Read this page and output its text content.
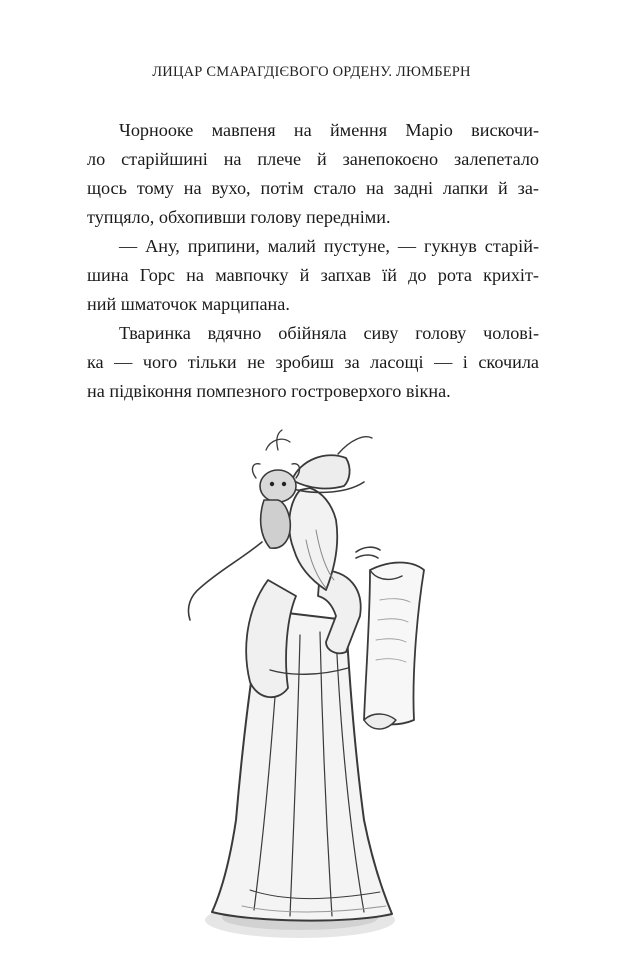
ЛИЦАР СМАРАГДІЄВОГО ОРДЕНУ. ЛЮМБЕРН

Чорнооке мавпеня на ймення Маріо вискочи-
ло старійшині на плече й занепокоєно залепетало
щось тому на вухо, потім стало на задні лапки й за-
тупцяло, обхопивши голову передніми.

— Ану, припини, малий пустуне, — гукнув старій-
шина Горс на мавпочку й запхав їй до рота крихіт-
ний шматочок марципана.

Тваринка вдячно обійняла сиву голову чолові-
ка — чого тільки не зробиш за ласощі — і скочила
на підвіконня помпезного гостроверхого вікна.
